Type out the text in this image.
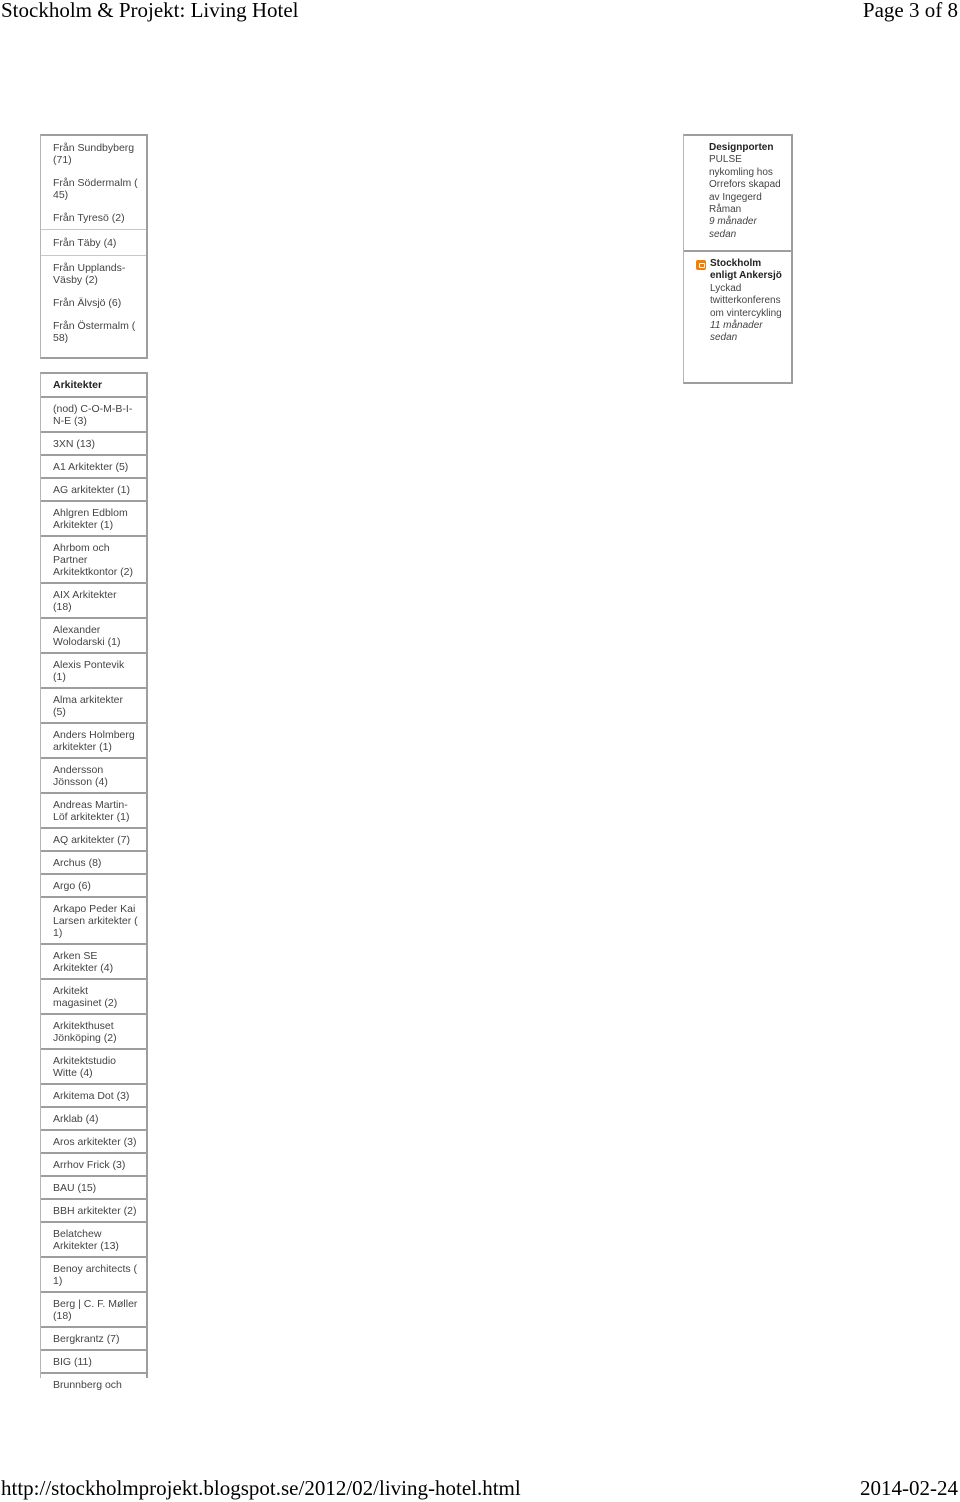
Stockholm & Projekt: Living Hotel	Page 3 of 8
Från Sundbyberg (71)
Från Södermalm ( 45)
Från Tyresö (2)
Från Täby (4)
Från Upplands-Väsby (2)
Från Älvsjö (6)
Från Östermalm ( 58)
Arkitekter
(nod) C-O-M-B-I-N-E (3)
3XN (13)
A1 Arkitekter (5)
AG arkitekter (1)
Ahlgren Edblom Arkitekter (1)
Ahrbom och Partner Arkitektkontor (2)
AIX Arkitekter (18)
Alexander Wolodarski (1)
Alexis Pontevik (1)
Alma arkitekter (5)
Anders Holmberg arkitekter (1)
Andersson Jönsson (4)
Andreas Martin-Löf arkitekter (1)
AQ arkitekter (7)
Archus (8)
Argo (6)
Arkapo Peder Kai Larsen arkitekter ( 1)
Arken SE Arkitekter (4)
Arkitekt magasinet (2)
Arkitekthuset Jönköping (2)
Arkitektstudio Witte (4)
Arkitema Dot (3)
Arklab (4)
Aros arkitekter (3)
Arrhov Frick (3)
BAU (15)
BBH arkitekter (2)
Belatchew Arkitekter (13)
Benoy architects ( 1)
Berg | C. F. Møller (18)
Bergkrantz (7)
BIG (11)
Brunnberg och
Designporten
PULSE nykomling hos Orrefors skapad av Ingegerd Råman
9 månader sedan
Stockholm enligt Ankersjö
Lyckad twitterkonferens om vintercykling
11 månader sedan
http://stockholmprojekt.blogspot.se/2012/02/living-hotel.html	2014-02-24
